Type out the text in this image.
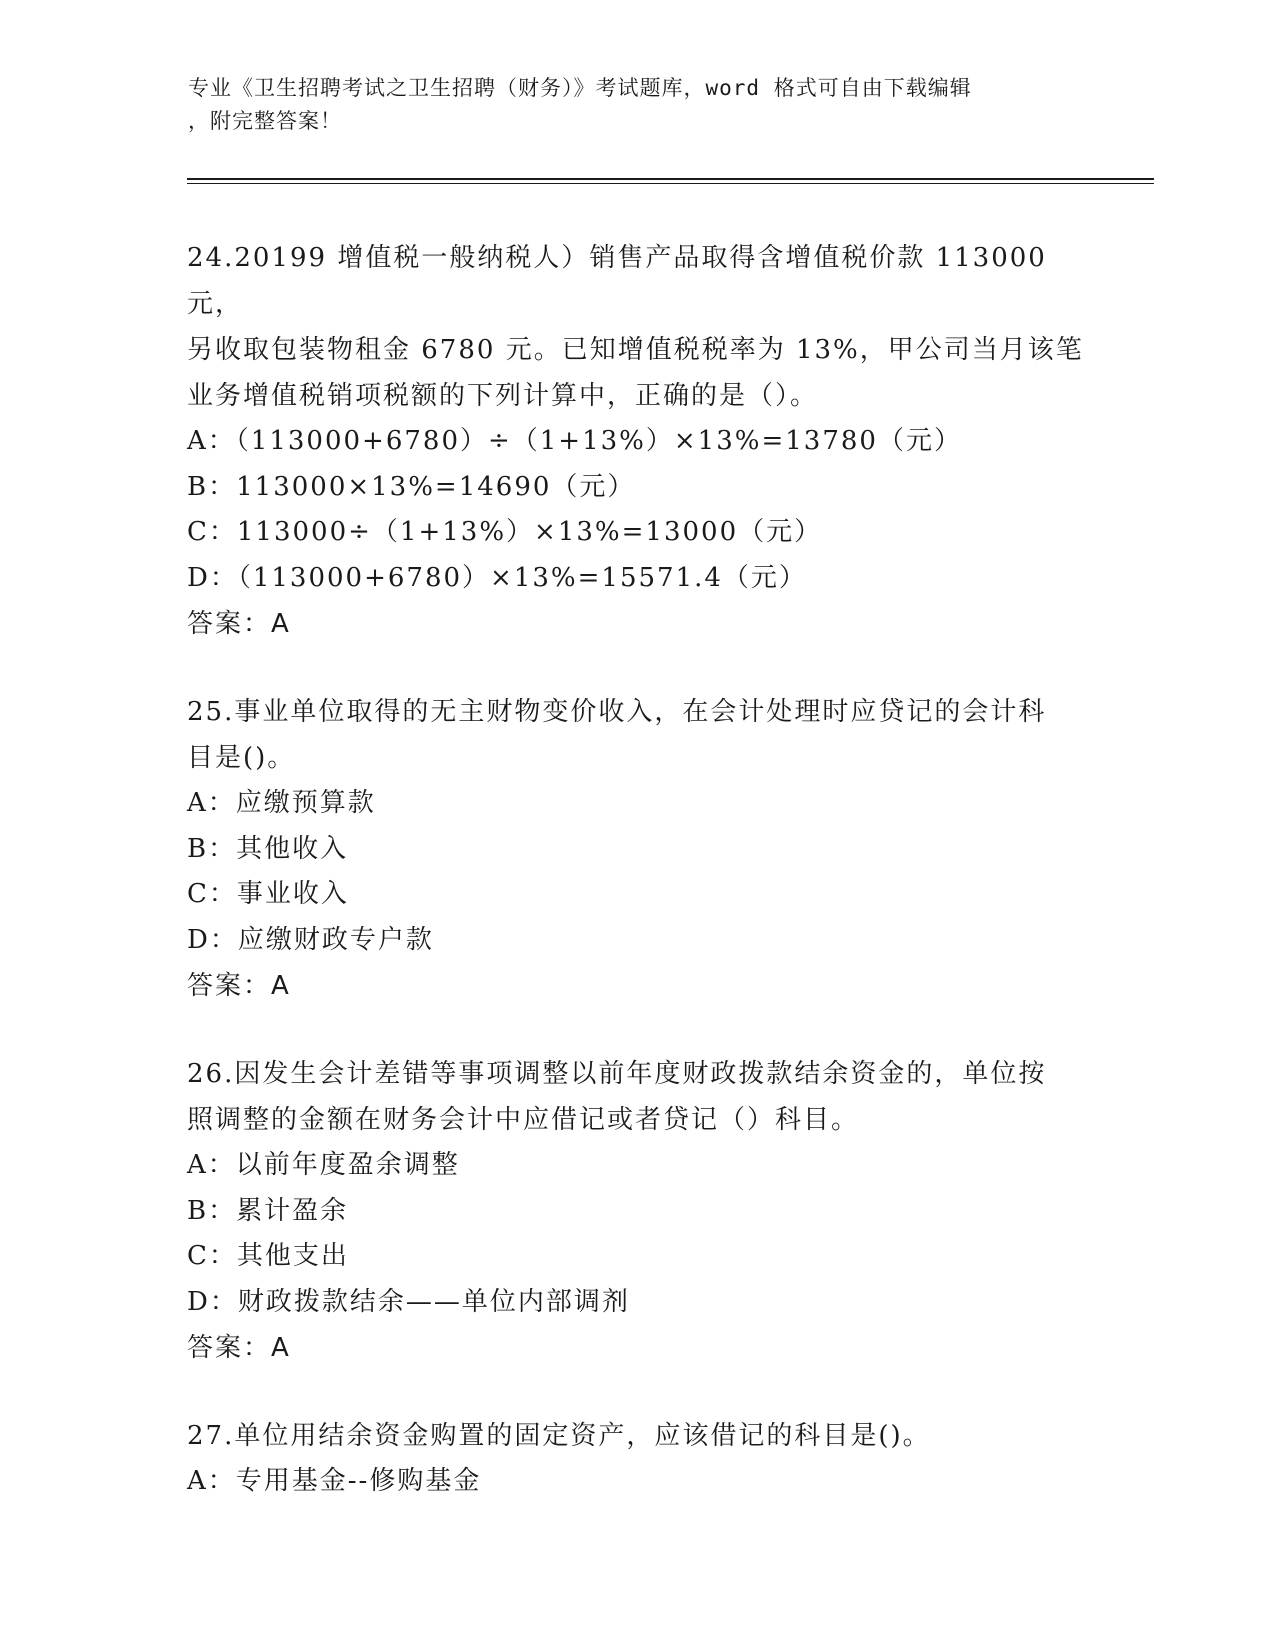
专业《卫生招聘考试之卫生招聘（财务）》考试题库，word 格式可自由下载编辑
，附完整答案！
24.20199 增值税一般纳税人）销售产品取得含增值税价款 113000 元，
另收取包装物租金 6780 元。已知增值税税率为 13%，甲公司当月该笔
业务增值税销项税额的下列计算中，正确的是（）。
A：（113000+6780）÷（1+13%）×13%=13780（元）
B：113000×13%=14690（元）
C：113000÷（1+13%）×13%=13000（元）
D：（113000+6780）×13%=15571.4（元）
答案：A
25.事业单位取得的无主财物变价收入，在会计处理时应贷记的会计科
目是()。
A：应缴预算款
B：其他收入
C：事业收入
D：应缴财政专户款
答案：A
26.因发生会计差错等事项调整以前年度财政拨款结余资金的，单位按
照调整的金额在财务会计中应借记或者贷记（）科目。
A：以前年度盈余调整
B：累计盈余
C：其他支出
D：财政拨款结余——单位内部调剂
答案：A
27.单位用结余资金购置的固定资产，应该借记的科目是()。
A：专用基金--修购基金
